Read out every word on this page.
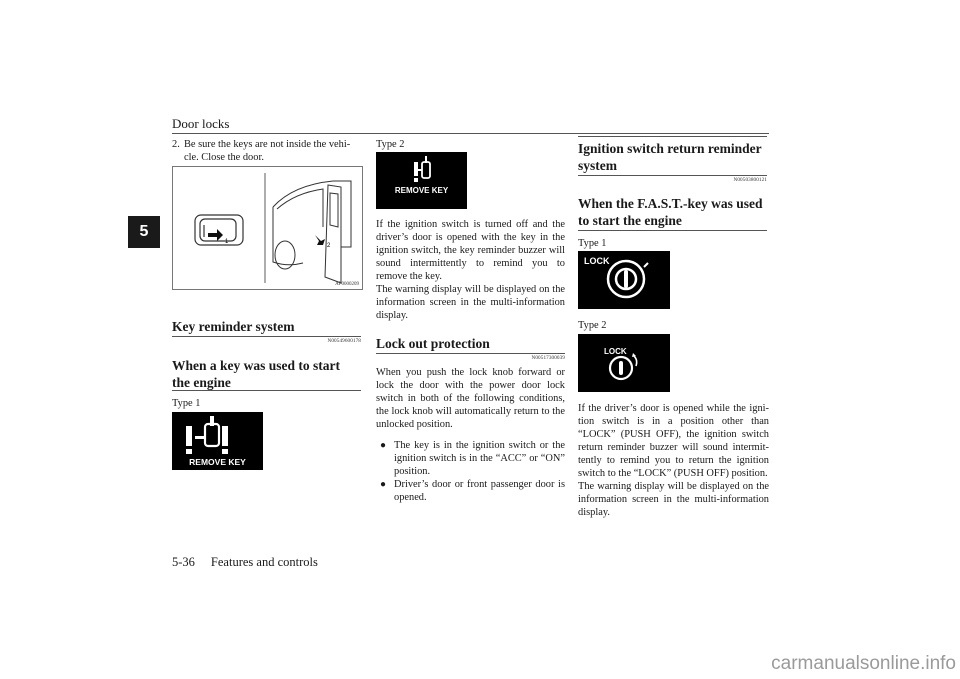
Door locks
5
2. Be sure the keys are not inside the vehi-
cle. Close the door.
1
2
AF0000209
Key reminder system
N00549600178
When a key was used to start the engine
Type 1
REMOVE KEY
Type 2
REMOVE KEY
If the ignition switch is turned off and the driver’s door is opened with the key in the ignition switch, the key reminder buzzer will sound intermittently to remind you to remove the key.
The warning display will be displayed on the information screen in the multi-information display.
Lock out protection
N00517300039
When you push the lock knob forward or lock the door with the power door lock switch in both of the following conditions, the lock knob will automatically return to the unlocked position.
● The key is in the ignition switch or the ignition switch is in the “ACC” or “ON” position.
● Driver’s door or front passenger door is opened.
Ignition switch return reminder system
N00503800121
When the F.A.S.T.-key was used to start the engine
Type 1
LOCK
Type 2
LOCK
If the driver’s door is opened while the igni- tion switch is in a position other than “LOCK” (PUSH OFF), the ignition switch return reminder buzzer will sound intermit- tently to remind you to return the ignition switch to the “LOCK” (PUSH OFF) position.
The warning display will be displayed on the information screen in the multi-information display.
5-36 Features and controls
carmanualsonline.info
